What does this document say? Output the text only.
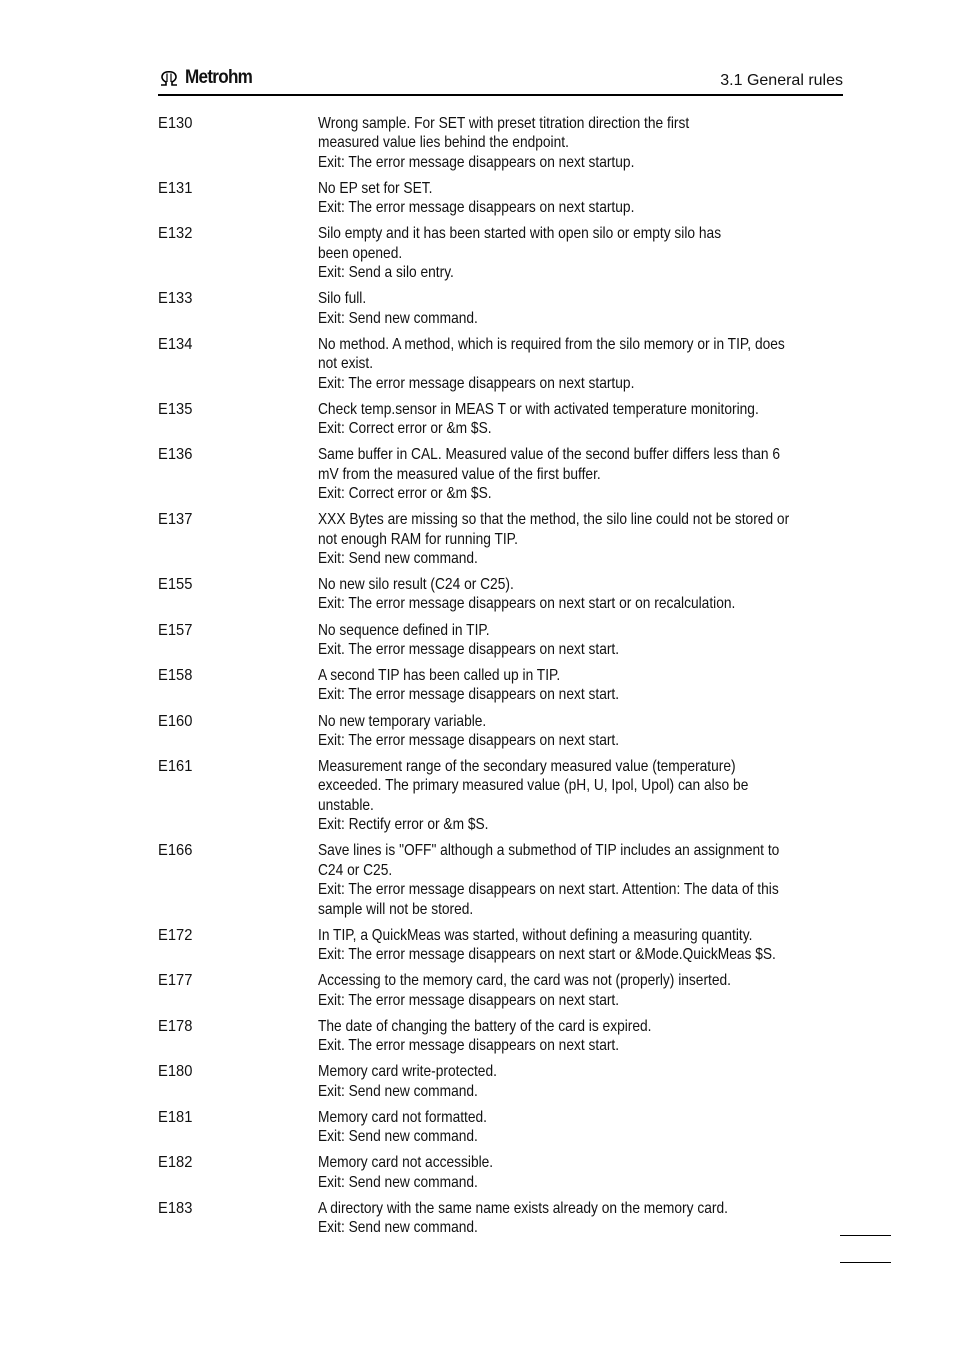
Metrohm	3.1 General rules
E130	Wrong sample. For SET with preset titration direction the first
measured value lies behind the endpoint.
Exit: The error message disappears on next startup.
E131	No EP set for SET.
Exit: The error message disappears on next startup.
E132	Silo empty and it has been started with open silo or empty silo has
been opened.
Exit: Send a silo entry.
E133	Silo full.
Exit: Send new command.
E134	No method. A method, which is required from the silo memory or in TIP, does
not exist.
Exit: The error message disappears on next startup.
E135	Check temp.sensor in MEAS T or with activated temperature monitoring.
Exit: Correct error or &m $S.
E136	Same buffer in CAL. Measured value of the second buffer differs less than 6
mV from the measured value of the first buffer.
Exit: Correct error or &m $S.
E137	XXX Bytes are missing so that the method, the silo line could not be stored or
not enough RAM for running TIP.
Exit: Send new command.
E155	No new silo result (C24 or C25).
Exit: The error message disappears on next start or on recalculation.
E157	No sequence defined in TIP.
Exit. The error message disappears on next start.
E158	A second TIP has been called up in TIP.
Exit: The error message disappears on next start.
E160	No new temporary variable.
Exit: The error message disappears on next start.
E161	Measurement range of the secondary measured value (temperature)
exceeded. The primary measured value (pH, U, Ipol, Upol) can also be
unstable.
Exit: Rectify error or &m $S.
E166	Save lines is "OFF" although a submethod of TIP includes an assignment to
C24 or C25.
Exit: The error message disappears on next start. Attention: The data of this
sample will not be stored.
E172	In TIP, a QuickMeas was started, without defining a measuring quantity.
Exit: The error message disappears on next start or &Mode.QuickMeas $S.
E177	Accessing to the memory card, the card was not (properly) inserted.
Exit: The error message disappears on next start.
E178	The date of changing the battery of the card is expired.
Exit. The error message disappears on next start.
E180	Memory card write-protected.
Exit: Send new command.
E181	Memory card not formatted.
Exit: Send new command.
E182	Memory card not accessible.
Exit: Send new command.
E183	A directory with the same name exists already on the memory card.
Exit: Send new command.
